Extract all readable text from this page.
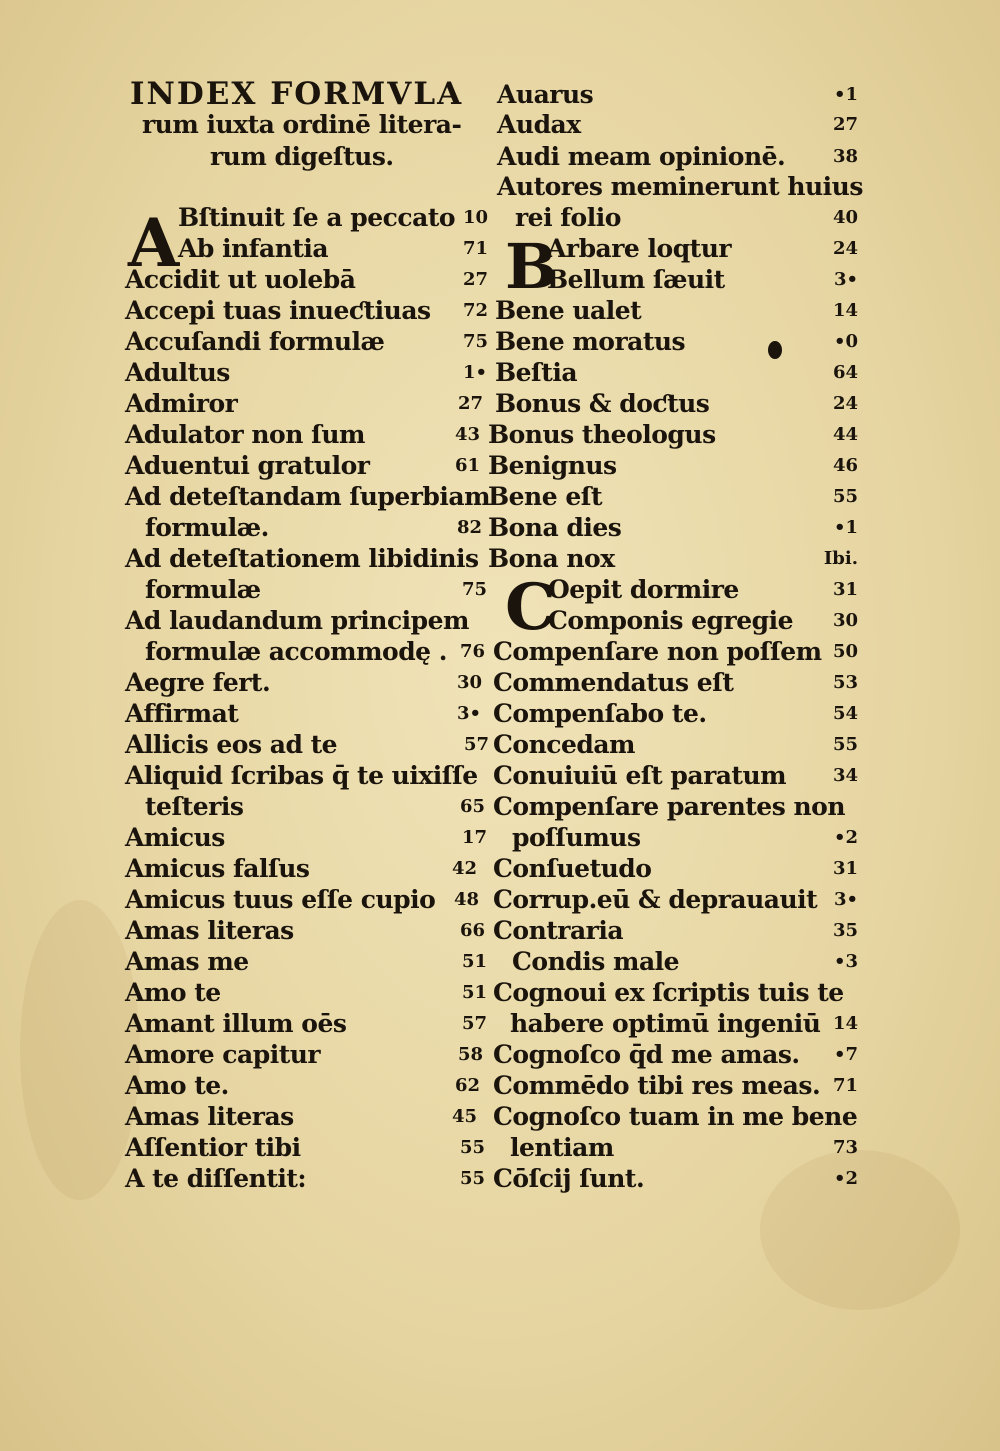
INDEX FORMVLA
rum iuxta ordinē litera-
rum digeſtus.
A
Bſtinuit ſe a peccato 10
Ab infantia	71
Accidit ut uolebā	27
Accepi tuas inueƈtiuas 72
Accuſandi formulæ	75
Adultus	1•
Admiror	27
Adulator non ſum	43
Aduentui gratulor	61
Ad deteſtandam ſuperbiam
formulæ.	82
Ad deteſtationem libidinis
formulæ	75
Ad laudandum principem
formulæ accommodę . 76
Aegre fert.	30
Affirmat	3•
Allicis eos ad te	57
Aliquid ſcribas q̄ te uixiſſe
teſteris	65
Amicus	17
Amicus falſus	42
Amicus tuus eſſe cupio 48
Amas literas	66
Amas me	51
Amo te	51
Amant illum oēs	57
Amore capitur	58
Amo te.	62
Amas literas	45
Aſſentior tibi	55
A te diſſentit:	55
B
C
Auarus	•1
Audax	27
Audi meam opinionē.	38
Autores meminerunt huius
rei folio	40
Arbare loqtur	24
Bellum ſæuit	3•
Bene ualet	14
Bene moratus	•0
Beſtia	64
Bonus & doƈtus	24
Bonus theologus	44
Benignus	46
Bene eſt	55
Bona dies	•1
Bona nox	Ibi.
Oepit dormire	31
Componis egregie	30
Compenſare non poſſem 50
Commendatus eſt	53
Compenſabo te.	54
Concedam	55
Conuiuiū eſt paratum	34
Compenſare parentes non
poſſumus	•2
Conſuetudo	31
Corrup.eū & deprauauit 3•
Contraria	35
Condis male	•3
Cognoui ex ſcriptis tuis te
habere optimū ingeniū 14
Cognoſco q̄d me amas.	•7
Commēdo tibi res meas. 71
Cognoſco tuam in me bene
lentiam	73
Cōſcij ſunt.	•2
